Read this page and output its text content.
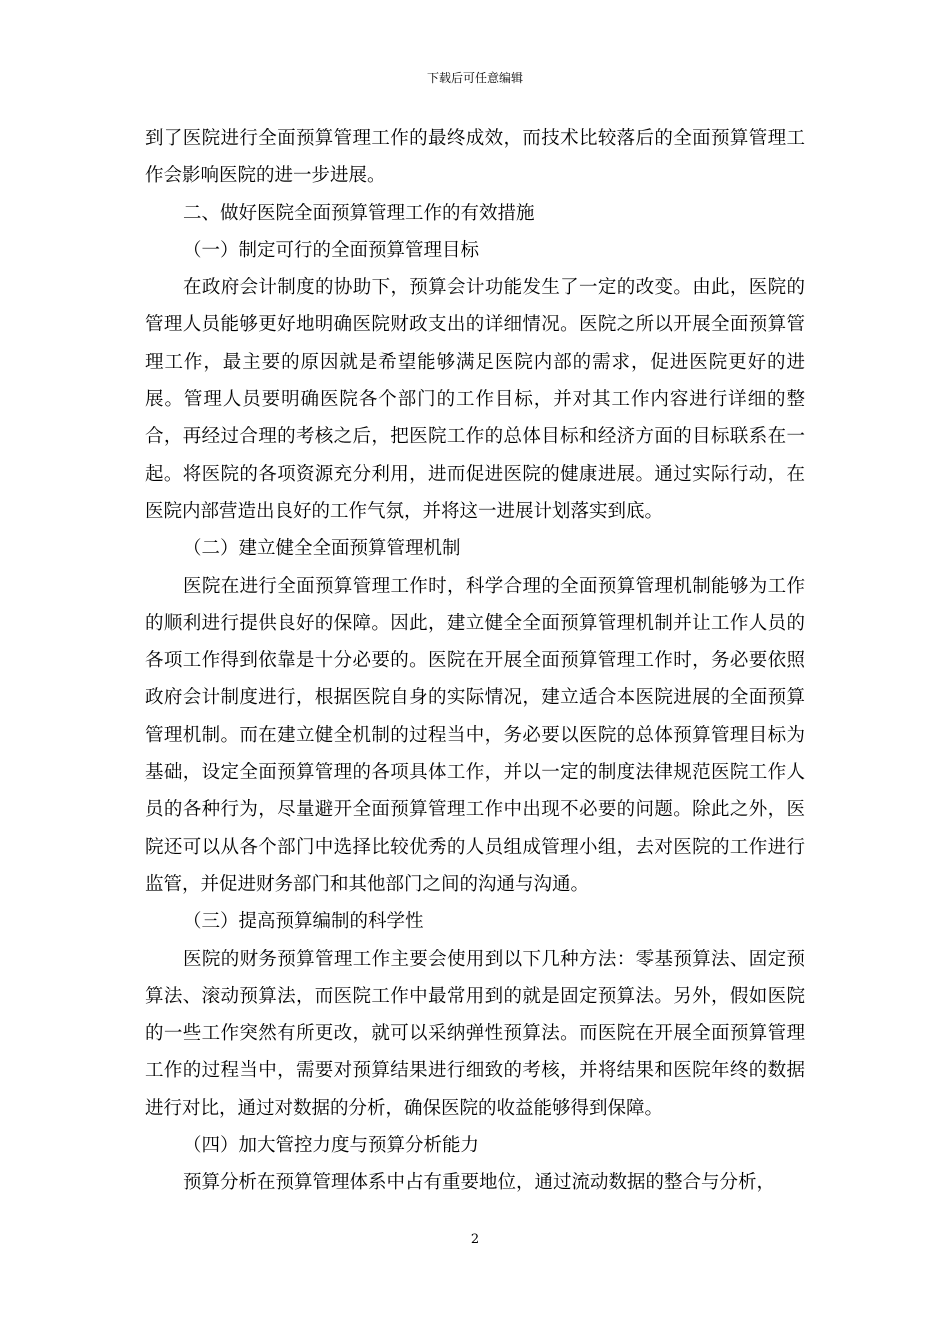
下载后可任意编辑

到了医院进行全面预算管理工作的最终成效，而技术比较落后的全面预算管理工作会影响医院的进一步进展。

二、做好医院全面预算管理工作的有效措施

（一）制定可行的全面预算管理目标

在政府会计制度的协助下，预算会计功能发生了一定的改变。由此，医院的管理人员能够更好地明确医院财政支出的详细情况。医院之所以开展全面预算管理工作，最主要的原因就是希望能够满足医院内部的需求，促进医院更好的进展。管理人员要明确医院各个部门的工作目标，并对其工作内容进行详细的整合，再经过合理的考核之后，把医院工作的总体目标和经济方面的目标联系在一起。将医院的各项资源充分利用，进而促进医院的健康进展。通过实际行动，在医院内部营造出良好的工作气氛，并将这一进展计划落实到底。

（二）建立健全全面预算管理机制

医院在进行全面预算管理工作时，科学合理的全面预算管理机制能够为工作的顺利进行提供良好的保障。因此，建立健全全面预算管理机制并让工作人员的各项工作得到依靠是十分必要的。医院在开展全面预算管理工作时，务必要依照政府会计制度进行，根据医院自身的实际情况，建立适合本医院进展的全面预算管理机制。而在建立健全机制的过程当中，务必要以医院的总体预算管理目标为基础，设定全面预算管理的各项具体工作，并以一定的制度法律规范医院工作人员的各种行为，尽量避开全面预算管理工作中出现不必要的问题。除此之外，医院还可以从各个部门中选择比较优秀的人员组成管理小组，去对医院的工作进行监管，并促进财务部门和其他部门之间的沟通与沟通。

（三）提高预算编制的科学性

医院的财务预算管理工作主要会使用到以下几种方法：零基预算法、固定预算法、滚动预算法，而医院工作中最常用到的就是固定预算法。另外，假如医院的一些工作突然有所更改，就可以采纳弹性预算法。而医院在开展全面预算管理工作的过程当中，需要对预算结果进行细致的考核，并将结果和医院年终的数据进行对比，通过对数据的分析，确保医院的收益能够得到保障。

（四）加大管控力度与预算分析能力

预算分析在预算管理体系中占有重要地位，通过流动数据的整合与分析，

2
